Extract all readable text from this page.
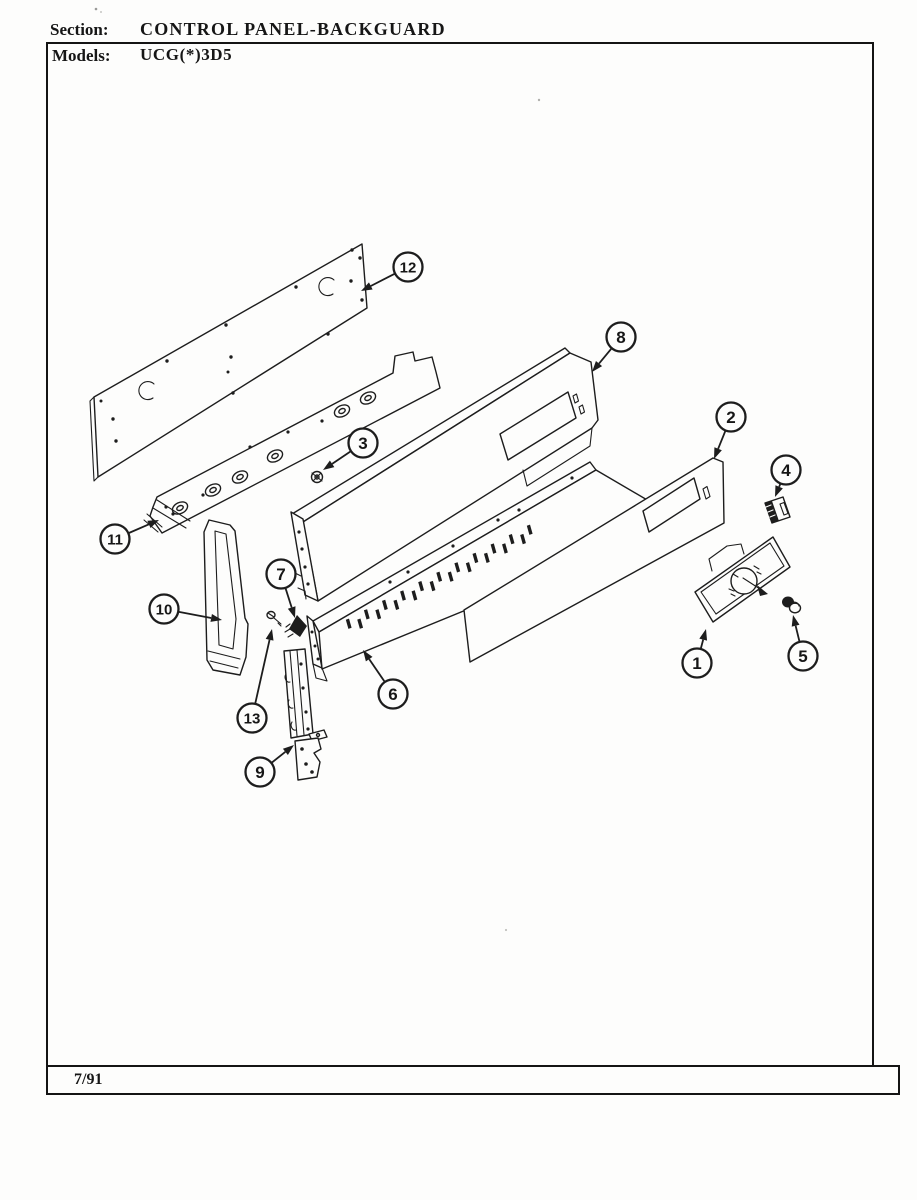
Section: CONTROL PANEL-BACKGUARD
Models: UCG(*)3D5
1
2
3
4
5
6
7
8
9
10
11
12
13
7/91
